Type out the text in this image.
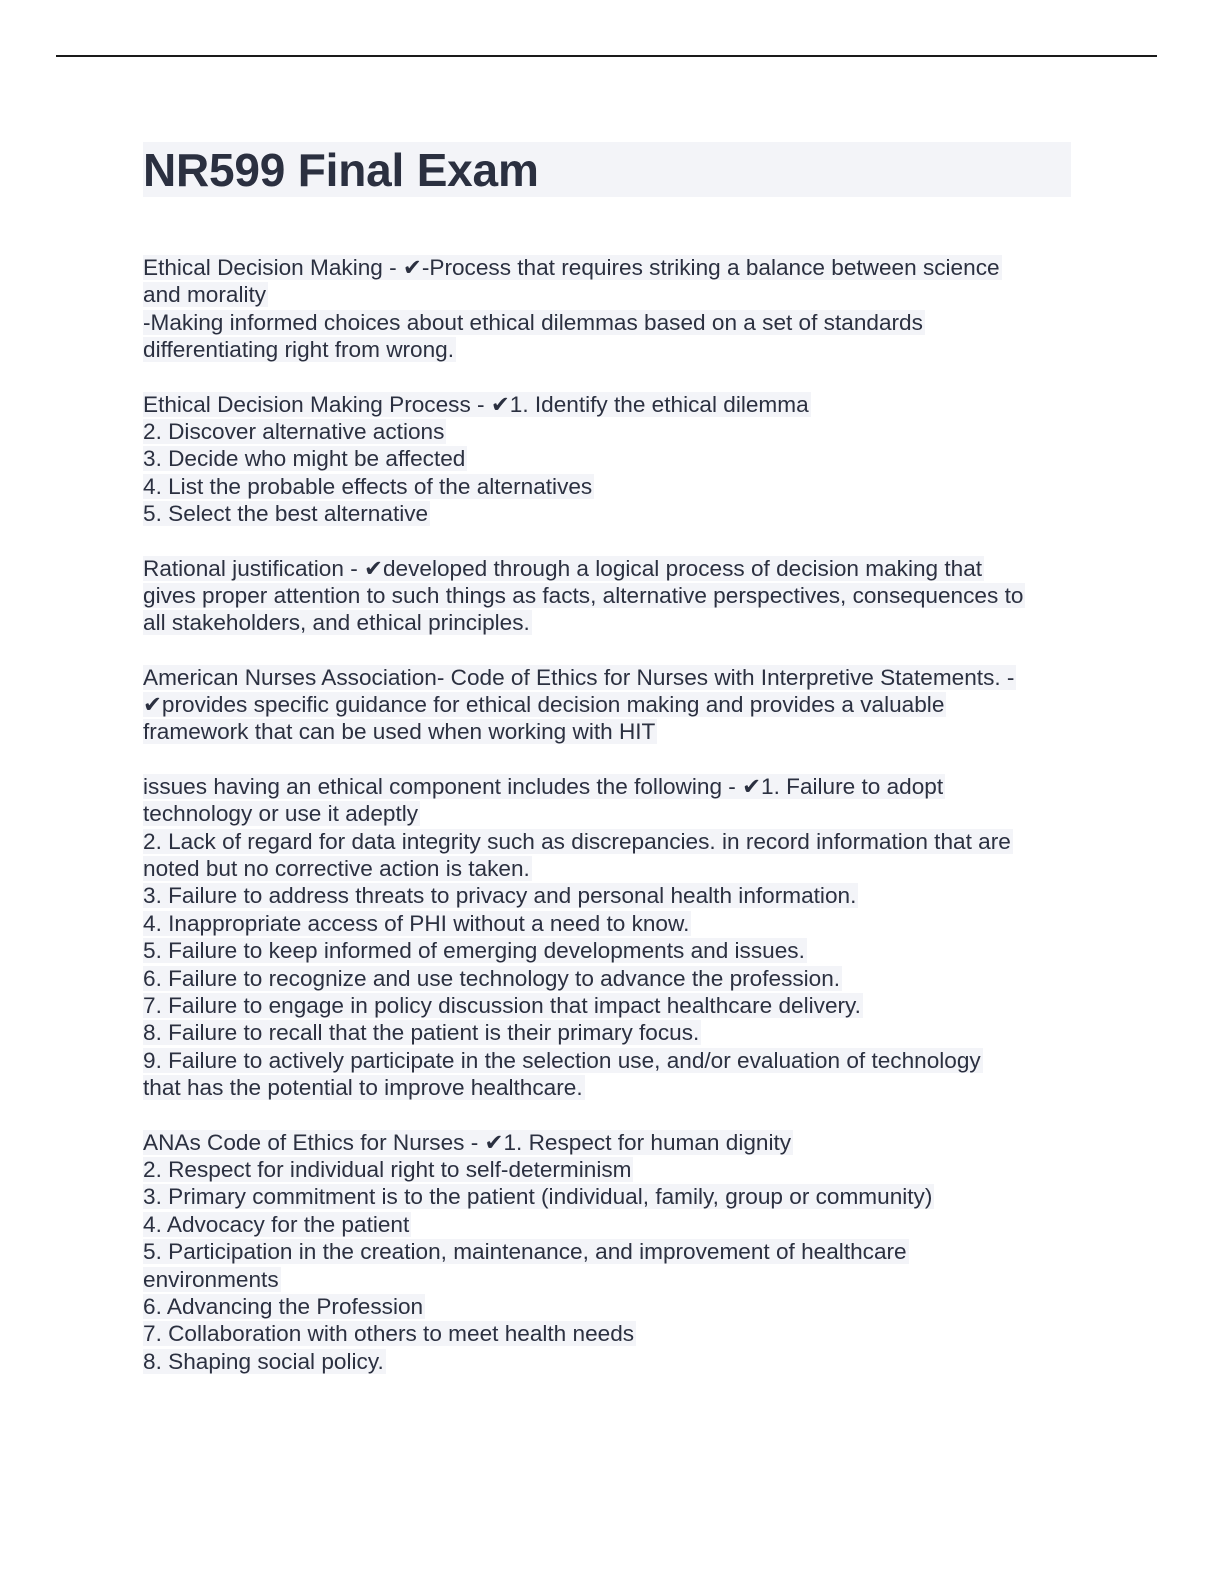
NR599 Final Exam
Ethical Decision Making - ✔-Process that requires striking a balance between science
and morality
-Making informed choices about ethical dilemmas based on a set of standards
differentiating right from wrong.
Ethical Decision Making Process - ✔1. Identify the ethical dilemma
2. Discover alternative actions
3. Decide who might be affected
4. List the probable effects of the alternatives
5. Select the best alternative
Rational justification - ✔developed through a logical process of decision making that
gives proper attention to such things as facts, alternative perspectives, consequences to
all stakeholders, and ethical principles.
American Nurses Association- Code of Ethics for Nurses with Interpretive Statements. -
✔provides specific guidance for ethical decision making and provides a valuable
framework that can be used when working with HIT
issues having an ethical component includes the following - ✔1. Failure to adopt
technology or use it adeptly
2. Lack of regard for data integrity such as discrepancies. in record information that are
noted but no corrective action is taken.
3. Failure to address threats to privacy and personal health information.
4. Inappropriate access of PHI without a need to know.
5. Failure to keep informed of emerging developments and issues.
6. Failure to recognize and use technology to advance the profession.
7. Failure to engage in policy discussion that impact healthcare delivery.
8. Failure to recall that the patient is their primary focus.
9. Failure to actively participate in the selection use, and/or evaluation of technology
that has the potential to improve healthcare.
ANAs Code of Ethics for Nurses - ✔1. Respect for human dignity
2. Respect for individual right to self-determinism
3. Primary commitment is to the patient (individual, family, group or community)
4. Advocacy for the patient
5. Participation in the creation, maintenance, and improvement of healthcare
environments
6. Advancing the Profession
7. Collaboration with others to meet health needs
8. Shaping social policy.
